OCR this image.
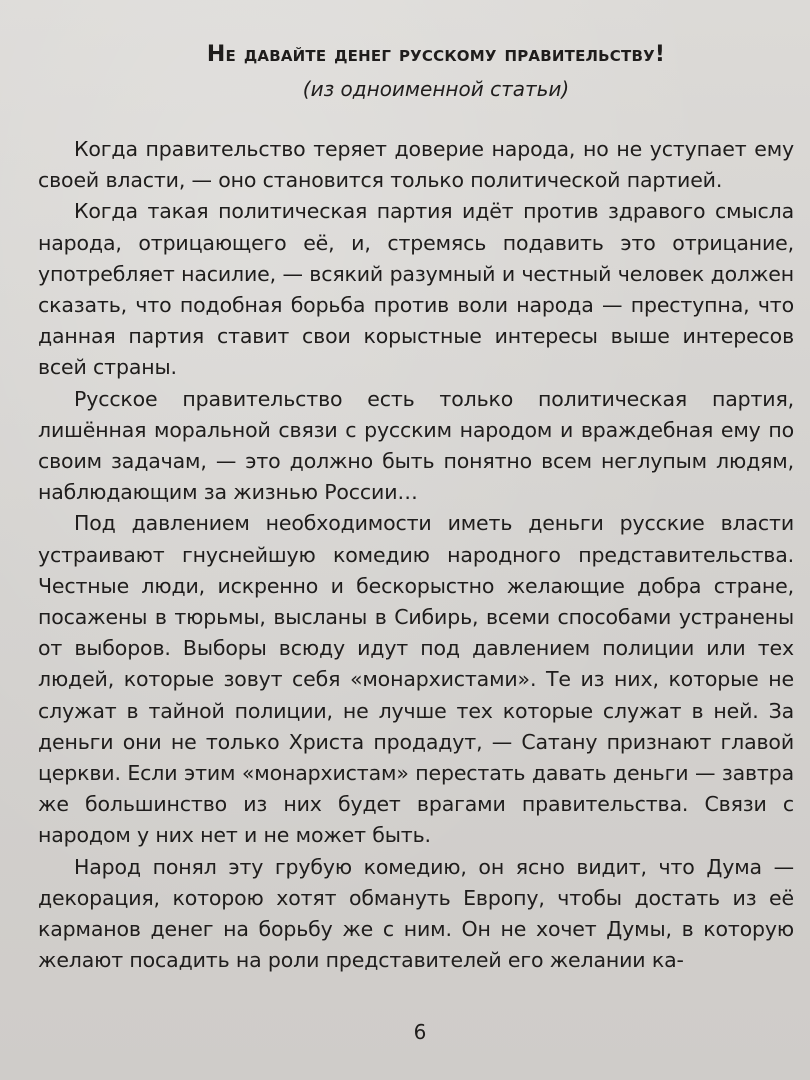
Не давайте денег русскому правительству!
(из одноименной статьи)

Когда правительство теряет доверие народа, но не уступает ему своей власти, — оно становится только политической партией.

Когда такая политическая партия идёт против здравого смысла народа, отрицающего её, и, стремясь подавить это отрицание, употребляет насилие, — всякий разумный и честный человек должен сказать, что подобная борьба против воли народа — преступна, что данная партия ставит свои корыстные интересы выше интересов всей страны.

Русское правительство есть только политическая партия, лишённая моральной связи с русским народом и враждебная ему по своим задачам, — это должно быть понятно всем неглупым людям, наблюдающим за жизнью России…

Под давлением необходимости иметь деньги русские власти устраивают гнуснейшую комедию народного представительства. Честные люди, искренно и бескорыстно желающие добра стране, посажены в тюрьмы, высланы в Сибирь, всеми способами устранены от выборов. Выборы всюду идут под давлением полиции или тех людей, которые зовут себя «монархистами». Те из них, которые не служат в тайной полиции, не лучше тех которые служат в ней. За деньги они не только Христа продадут, — Сатану признают главой церкви. Если этим «монархистам» перестать давать деньги — завтра же большинство из них будет врагами правительства. Связи с народом у них нет и не может быть.

Народ понял эту грубую комедию, он ясно видит, что Дума — декорация, которою хотят обмануть Европу, чтобы достать из её карманов денег на борьбу же с ним. Он не хочет Думы, в которую желают посадить на роли представителей его желании ка-

6
